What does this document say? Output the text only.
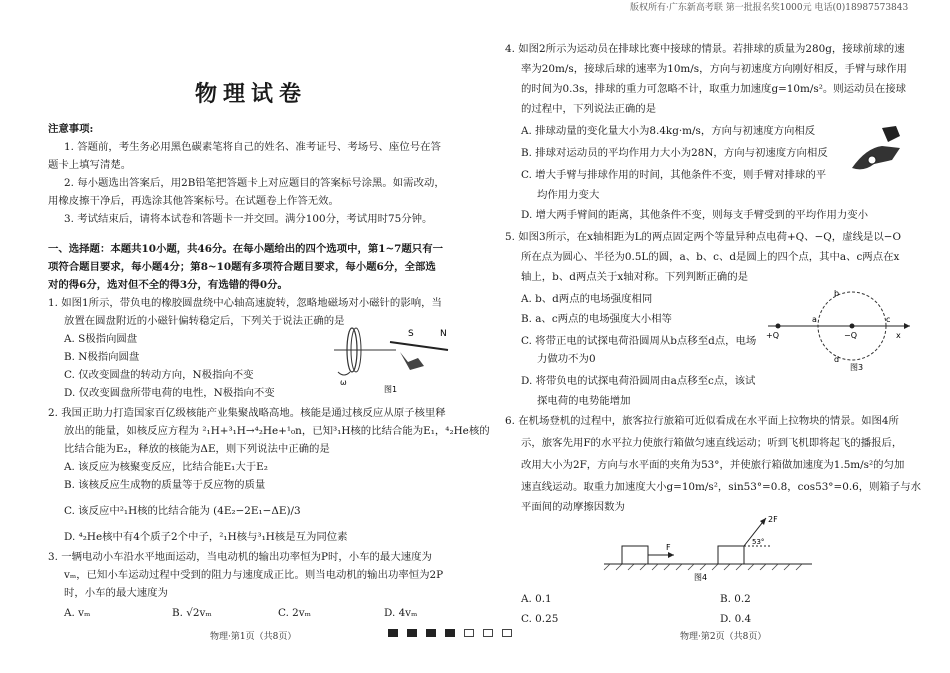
版权所有·广东新高考联 第一批报名奖1000元 电话(0)18987573843
物理试卷
注意事项:
1. 答题前，考生务必用黑色碳素笔将自己的姓名、准考证号、考场号、座位号在答
题卡上填写清楚。
2. 每小题选出答案后，用2B铅笔把答题卡上对应题目的答案标号涂黑。如需改动，
用橡皮擦干净后，再选涂其他答案标号。在试题卷上作答无效。
3. 考试结束后，请将本试卷和答题卡一并交回。满分100分，考试用时75分钟。
一、选择题：本题共10小题，共46分。在每小题给出的四个选项中，第1~7题只有一
项符合题目要求，每小题4分；第8~10题有多项符合题目要求，每小题6分，全部选
对的得6分，选对但不全的得3分，有选错的得0分。
1. 如图1所示，带负电的橡胶圆盘绕中心轴高速旋转，忽略地磁场对小磁针的影响，当
放置在圆盘附近的小磁针偏转稳定后，下列关于说法正确的是
A. S极指向圆盘
B. N极指向圆盘
C. 仅改变圆盘的转动方向，N极指向不变
D. 仅改变圆盘所带电荷的电性，N极指向不变
ω
S	N
图1
2. 我国正助力打造国家百亿级核能产业集聚战略高地。核能是通过核反应从原子核里释
放出的能量，如核反应方程为 ²₁H+³₁H→⁴₂He+¹₀n，已知³₁H核的比结合能为E₁，⁴₂He核的
比结合能为E₂，释放的核能为ΔE，则下列说法中正确的是
A. 该反应为核聚变反应，比结合能E₁大于E₂
B. 该核反应生成物的质量等于反应物的质量
C. 该反应中²₁H核的比结合能为 (4E₂−2E₁−ΔE)/3
D. ⁴₂He核中有4个质子2个中子，²₁H核与³₁H核是互为同位素
3. 一辆电动小车沿水平地面运动，当电动机的输出功率恒为P时，小车的最大速度为
vₘ，已知小车运动过程中受到的阻力与速度成正比。则当电动机的输出功率恒为2P
时，小车的最大速度为
A. vₘ	B. √2vₘ	C. 2vₘ	D. 4vₘ
物理·第1页（共8页）
4. 如图2所示为运动员在排球比赛中接球的情景。若排球的质量为280g，接球前球的速
率为20m/s，接球后球的速率为10m/s，方向与初速度方向刚好相反，手臂与球作用
的时间为0.3s，排球的重力可忽略不计，取重力加速度g=10m/s²。则运动员在接球
的过程中，下列说法正确的是
A. 排球动量的变化量大小为8.4kg·m/s，方向与初速度方向相反
B. 排球对运动员的平均作用力大小为28N，方向与初速度方向相反
C. 增大手臂与排球作用的时间，其他条件不变，则手臂对排球的平
均作用力变大
D. 增大两手臂间的距离，其他条件不变，则每支手臂受到的平均作用力变小
5. 如图3所示，在x轴相距为L的两点固定两个等量异种点电荷+Q、−Q，虚线是以−O
所在点为圆心、半径为0.5L的圆，a、b、c、d是圆上的四个点，其中a、c两点在x
轴上，b、d两点关于x轴对称。下列判断正确的是
A. b、d两点的电场强度相同
B. a、c两点的电场强度大小相等
C. 将带正电的试探电荷沿圆周从b点移至d点，电场
力做功不为0
D. 将带负电的试探电荷沿圆周由a点移至c点，该试
探电荷的电势能增加
+Q	−Q
a	c
b
d
x
图3
6. 在机场登机的过程中，旅客拉行旅箱可近似看成在水平面上拉物块的情景。如图4所
示，旅客先用F的水平拉力使旅行箱做匀速直线运动；听到飞机即将起飞的播报后，
改用大小为2F，方向与水平面的夹角为53°，并使旅行箱做加速度为1.5m/s²的匀加
速直线运动。取重力加速度大小g=10m/s²，sin53°=0.8，cos53°=0.6，则箱子与水
平面间的动摩擦因数为
F
2F
53°
图4
A. 0.1	B. 0.2
C. 0.25	D. 0.4
物理·第2页（共8页）
